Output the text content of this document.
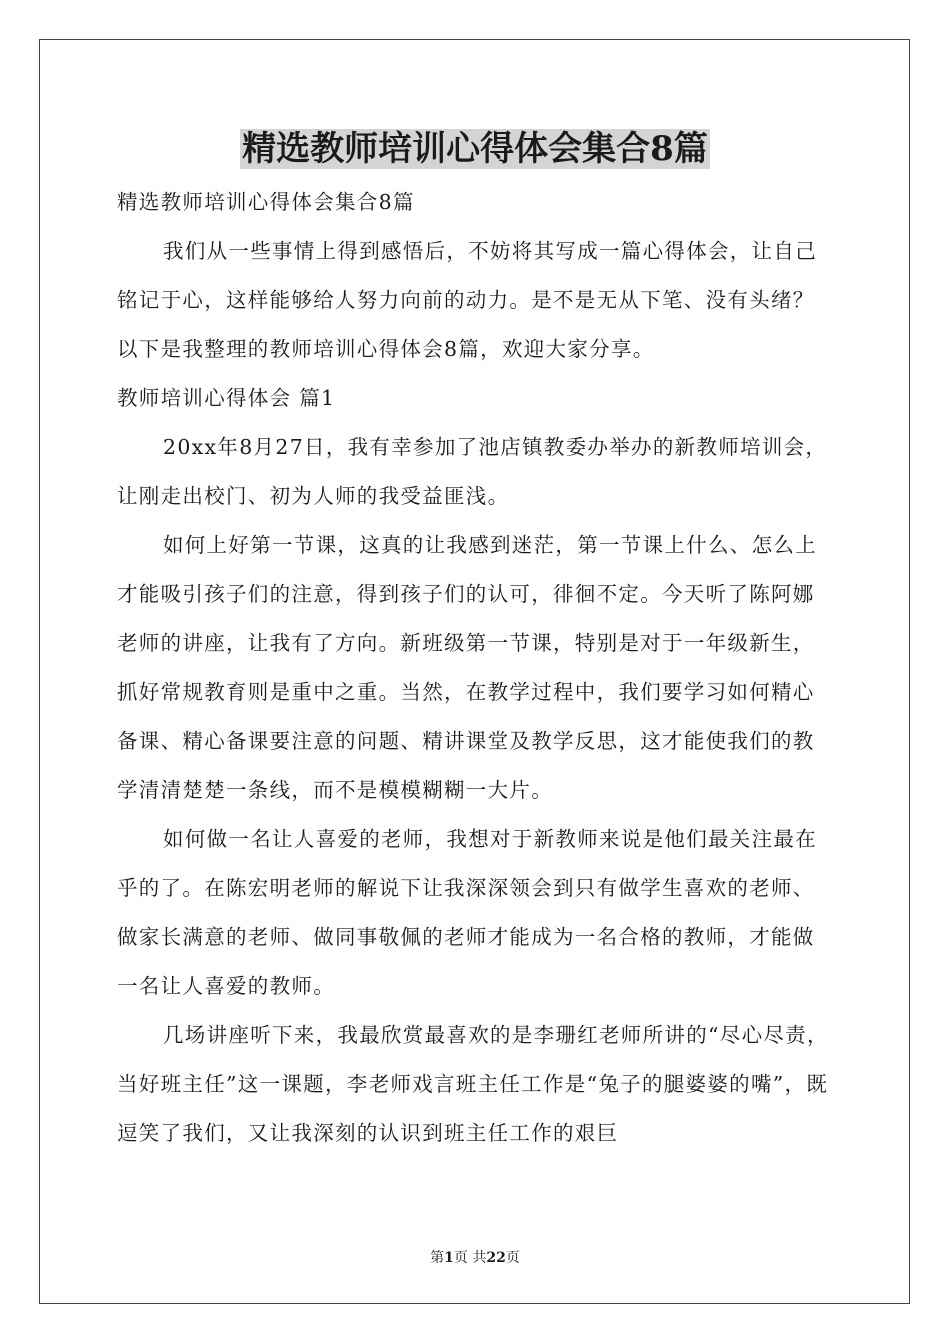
精选教师培训心得体会集合8篇

精选教师培训心得体会集合8篇

我们从一些事情上得到感悟后，不妨将其写成一篇心得体会，让自己铭记于心，这样能够给人努力向前的动力。是不是无从下笔、没有头绪？以下是我整理的教师培训心得体会8篇，欢迎大家分享。

教师培训心得体会 篇1

20xx年8月27日，我有幸参加了池店镇教委办举办的新教师培训会，让刚走出校门、初为人师的我受益匪浅。

如何上好第一节课，这真的让我感到迷茫，第一节课上什么、怎么上才能吸引孩子们的注意，得到孩子们的认可，徘徊不定。今天听了陈阿娜老师的讲座，让我有了方向。新班级第一节课，特别是对于一年级新生，抓好常规教育则是重中之重。当然，在教学过程中，我们要学习如何精心备课、精心备课要注意的问题、精讲课堂及教学反思，这才能使我们的教学清清楚楚一条线，而不是模模糊糊一大片。

如何做一名让人喜爱的老师，我想对于新教师来说是他们最关注最在乎的了。在陈宏明老师的解说下让我深深领会到只有做学生喜欢的老师、做家长满意的老师、做同事敬佩的老师才能成为一名合格的教师，才能做一名让人喜爱的教师。

几场讲座听下来，我最欣赏最喜欢的是李珊红老师所讲的“尽心尽责，当好班主任”这一课题，李老师戏言班主任工作是“兔子的腿婆婆的嘴”，既逗笑了我们，又让我深刻的认识到班主任工作的艰巨

第1页 共22页
